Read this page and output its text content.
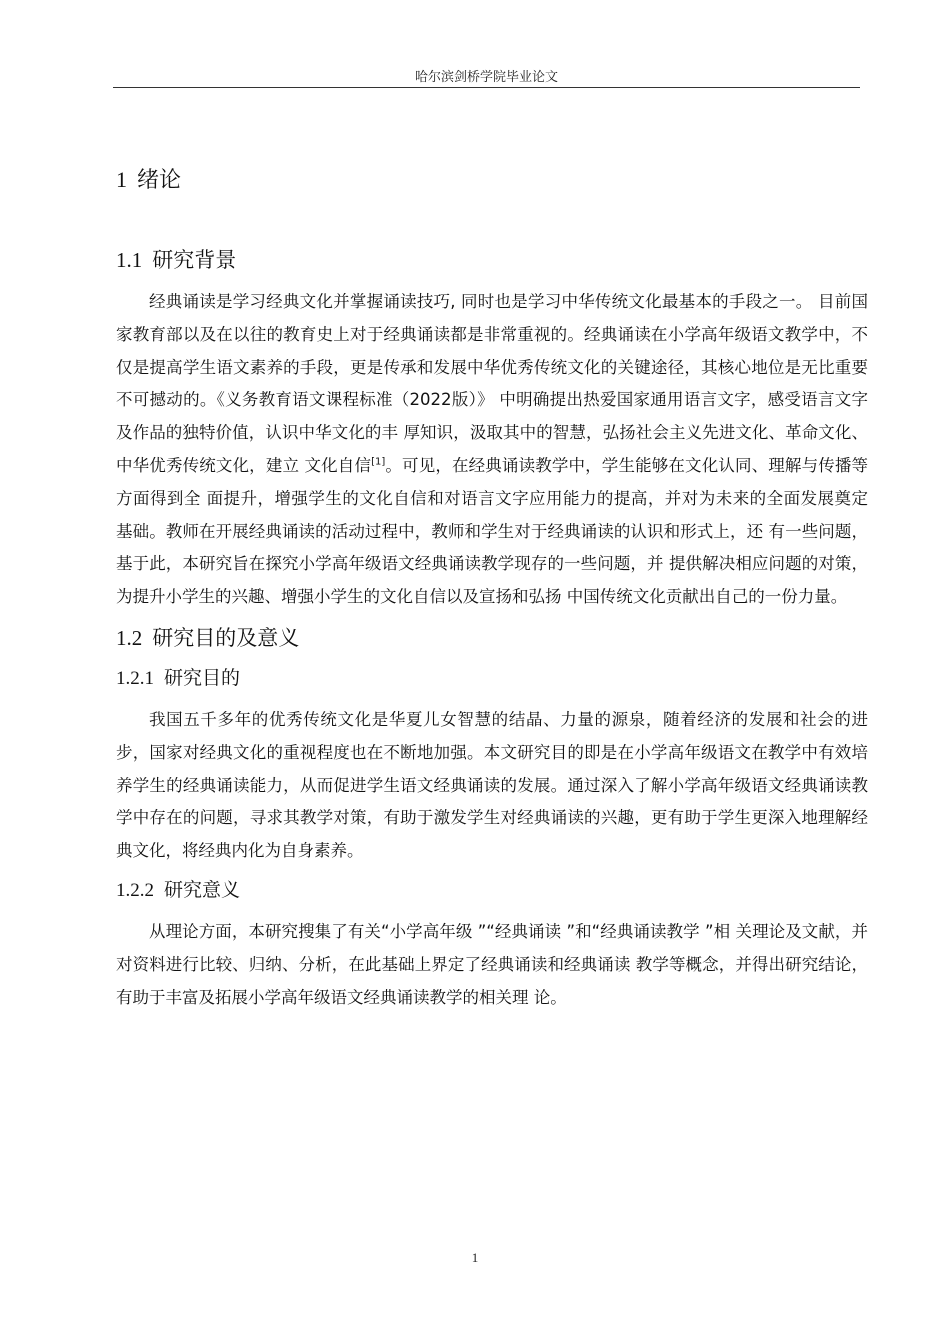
哈尔滨剑桥学院毕业论文
1 绪论
1.1 研究背景

经典诵读是学习经典文化并掌握诵读技巧, 同时也是学习中华传统文化最基本的手段之一。 目前国家教育部以及在以往的教育史上对于经典诵读都是非常重视的。经典诵读在小学高年级语文教学中，不仅是提高学生语文素养的手段，更是传承和发展中华优秀传统文化的关键途径，其核心地位是无比重要不可撼动的。《义务教育语文课程标准（2022版）》 中明确提出热爱国家通用语言文字，感受语言文字及作品的独特价值，认识中华文化的丰 厚知识，汲取其中的智慧，弘扬社会主义先进文化、革命文化、中华优秀传统文化，建立 文化自信[1]。可见，在经典诵读教学中，学生能够在文化认同、理解与传播等方面得到全 面提升，增强学生的文化自信和对语言文字应用能力的提高，并对为未来的全面发展奠定 基础。教师在开展经典诵读的活动过程中，教师和学生对于经典诵读的认识和形式上，还 有一些问题，基于此，本研究旨在探究小学高年级语文经典诵读教学现存的一些问题，并 提供解决相应问题的对策，为提升小学生的兴趣、增强小学生的文化自信以及宣扬和弘扬 中国传统文化贡献出自己的一份力量。

1.2 研究目的及意义
1.2.1 研究目的

我国五千多年的优秀传统文化是华夏儿女智慧的结晶、力量的源泉，随着经济的发展和社会的进步，国家对经典文化的重视程度也在不断地加强。本文研究目的即是在小学高年级语文在教学中有效培养学生的经典诵读能力，从而促进学生语文经典诵读的发展。通过深入了解小学高年级语文经典诵读教学中存在的问题，寻求其教学对策，有助于激发学生对经典诵读的兴趣，更有助于学生更深入地理解经典文化，将经典内化为自身素养。

1.2.2 研究意义

从理论方面，本研究搜集了有关“小学高年级 ”“经典诵读 ”和“经典诵读教学 ”相 关理论及文献，并对资料进行比较、归纳、分析，在此基础上界定了经典诵读和经典诵读 教学等概念，并得出研究结论，有助于丰富及拓展小学高年级语文经典诵读教学的相关理 论。

1
